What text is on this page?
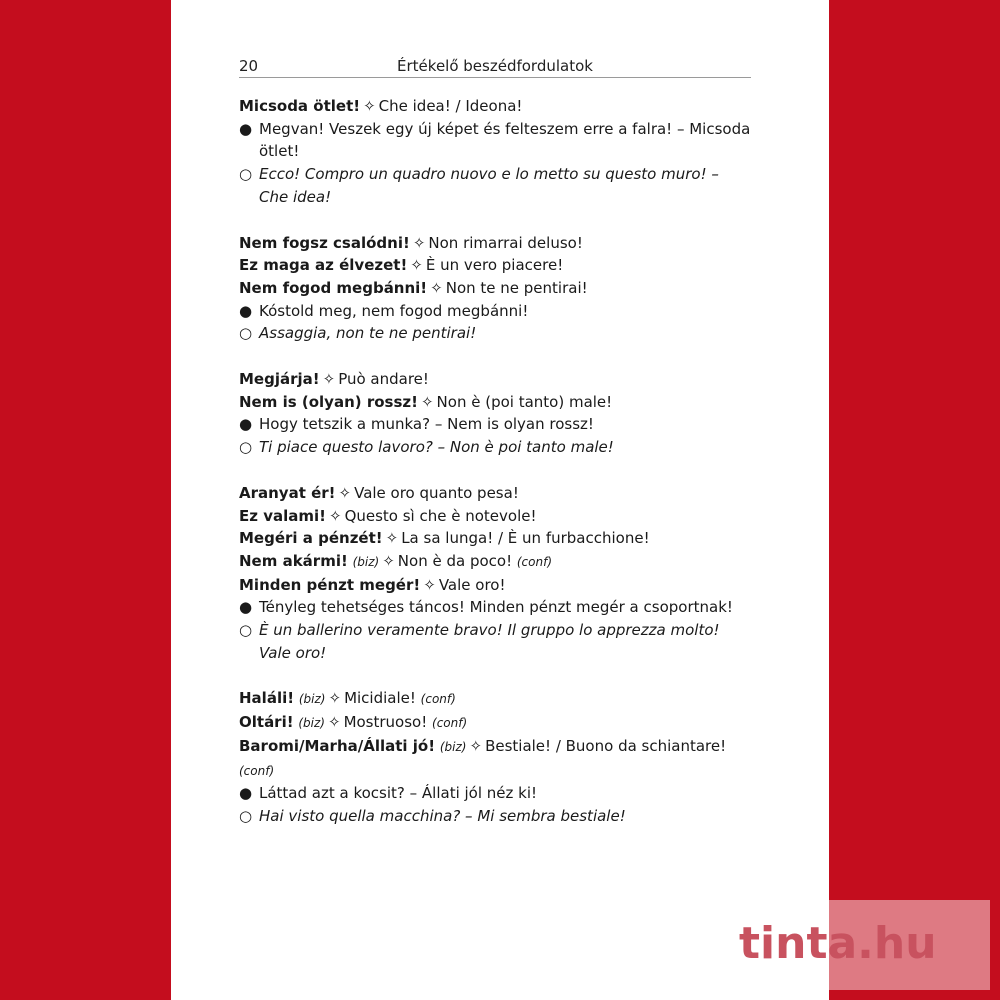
20	Értékelő beszédfordulatok
Micsoda ötlet! ✧ Che idea! / Ideona!
● Megvan! Veszek egy új képet és felteszem erre a falra! – Micsoda ötlet!
○ Ecco! Compro un quadro nuovo e lo metto su questo muro! – Che idea!
Nem fogsz csalódni! ✧ Non rimarrai deluso!
Ez maga az élvezet! ✧ È un vero piacere!
Nem fogod megbánni! ✧ Non te ne pentirai!
● Kóstold meg, nem fogod megbánni!
○ Assaggia, non te ne pentirai!
Megjárja! ✧ Può andare!
Nem is (olyan) rossz! ✧ Non è (poi tanto) male!
● Hogy tetszik a munka? – Nem is olyan rossz!
○ Ti piace questo lavoro? – Non è poi tanto male!
Aranyat ér! ✧ Vale oro quanto pesa!
Ez valami! ✧ Questo sì che è notevole!
Megéri a pénzét! ✧ La sa lunga! / È un furbacchione!
Nem akármi! (biz) ✧ Non è da poco! (conf)
Minden pénzt megér! ✧ Vale oro!
● Tényleg tehetséges táncos! Minden pénzt megér a csoportnak!
○ È un ballerino veramente bravo! Il gruppo lo apprezza molto! Vale oro!
Haláli! (biz) ✧ Micidiale! (conf)
Oltári! (biz) ✧ Mostruoso! (conf)
Baromi/Marha/Állati jó! (biz) ✧ Bestiale! / Buono da schiantare! (conf)
● Láttad azt a kocsit? – Állati jól néz ki!
○ Hai visto quella macchina? – Mi sembra bestiale!
tinta.hu
